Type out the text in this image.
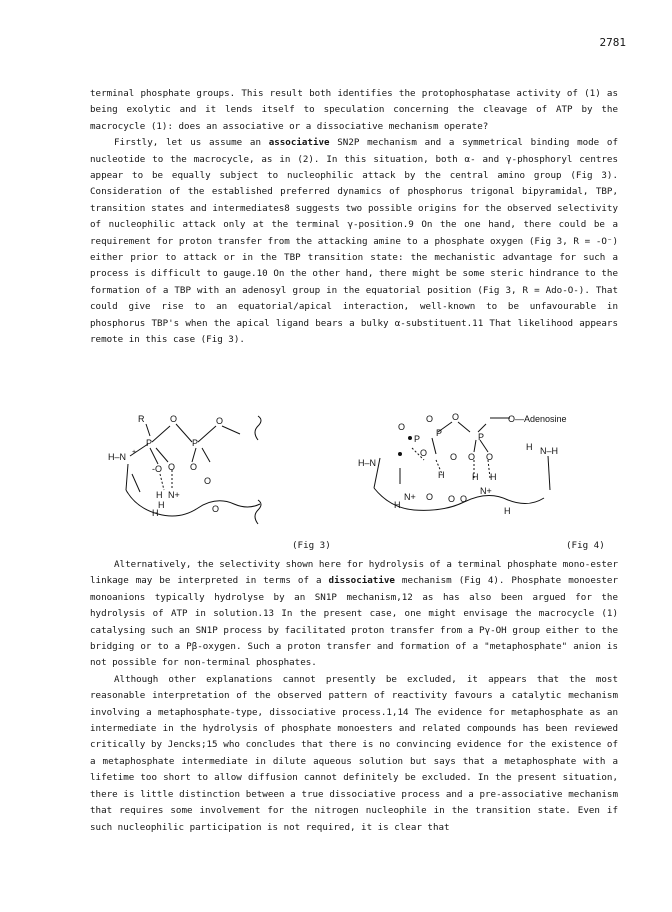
2781

terminal phosphate groups. This result both identifies the protophosphatase activity of (1) as being exolytic and it lends itself to speculation concerning the cleavage of ATP by the macrocycle (1): does an associative or a dissociative mechanism operate?

Firstly, let us assume an associative SN2P mechanism and a symmetrical binding mode of nucleotide to the macrocycle, as in (2). In this situation, both α- and γ-phosphoryl centres appear to be equally subject to nucleophilic attack by the central amino group (Fig 3). Consideration of the established preferred dynamics of phosphorus trigonal bipyramidal, TBP, transition states and intermediates8 suggests two possible origins for the observed selectivity of nucleophilic attack only at the terminal γ-position.9 On the one hand, there could be a requirement for proton transfer from the attacking amine to a phosphate oxygen (Fig 3, R = -O⁻) either prior to attack or in the TBP transition state: the mechanistic advantage for such a process is difficult to gauge.10 On the other hand, there might be some steric hindrance to the formation of a TBP with an adenosyl group in the equatorial position (Fig 3, R = Ado-O-). That could give rise to an equatorial/apical interaction, well-known to be unfavourable in phosphorus TBP's when the apical ligand bears a bulky α-substituent.11 That likelihood appears remote in this case (Fig 3).

R	O	O
P	P
H–N +
-O O O
N+
H
H
H
O
O
O—Adenosine
O
O O
P
P	P
H–N
N–H
O
H
O O O
H
N+
N+
H H
O O
O
H
H
(Fig 3)	(Fig 4)

Alternatively, the selectivity shown here for hydrolysis of a terminal phosphate mono-ester linkage may be interpreted in terms of a dissociative mechanism (Fig 4). Phosphate monoester monoanions typically hydrolyse by an SN1P mechanism,12 as has also been argued for the hydrolysis of ATP in solution.13 In the present case, one might envisage the macrocycle (1) catalysing such an SN1P process by facilitated proton transfer from a Pγ-OH group either to the bridging or to a Pβ-oxygen. Such a proton transfer and formation of a "metaphosphate" anion is not possible for non-terminal phosphates.

Although other explanations cannot presently be excluded, it appears that the most reasonable interpretation of the observed pattern of reactivity favours a catalytic mechanism involving a metaphosphate-type, dissociative process.1,14 The evidence for metaphosphate as an intermediate in the hydrolysis of phosphate monoesters and related compounds has been reviewed critically by Jencks;15 who concludes that there is no convincing evidence for the existence of a metaphosphate intermediate in dilute aqueous solution but says that a metaphosphate with a lifetime too short to allow diffusion cannot definitely be excluded. In the present situation, there is little distinction between a true dissociative process and a pre-associative mechanism that requires some involvement for the nitrogen nucleophile in the transition state. Even if such nucleophilic participation is not required, it is clear that
